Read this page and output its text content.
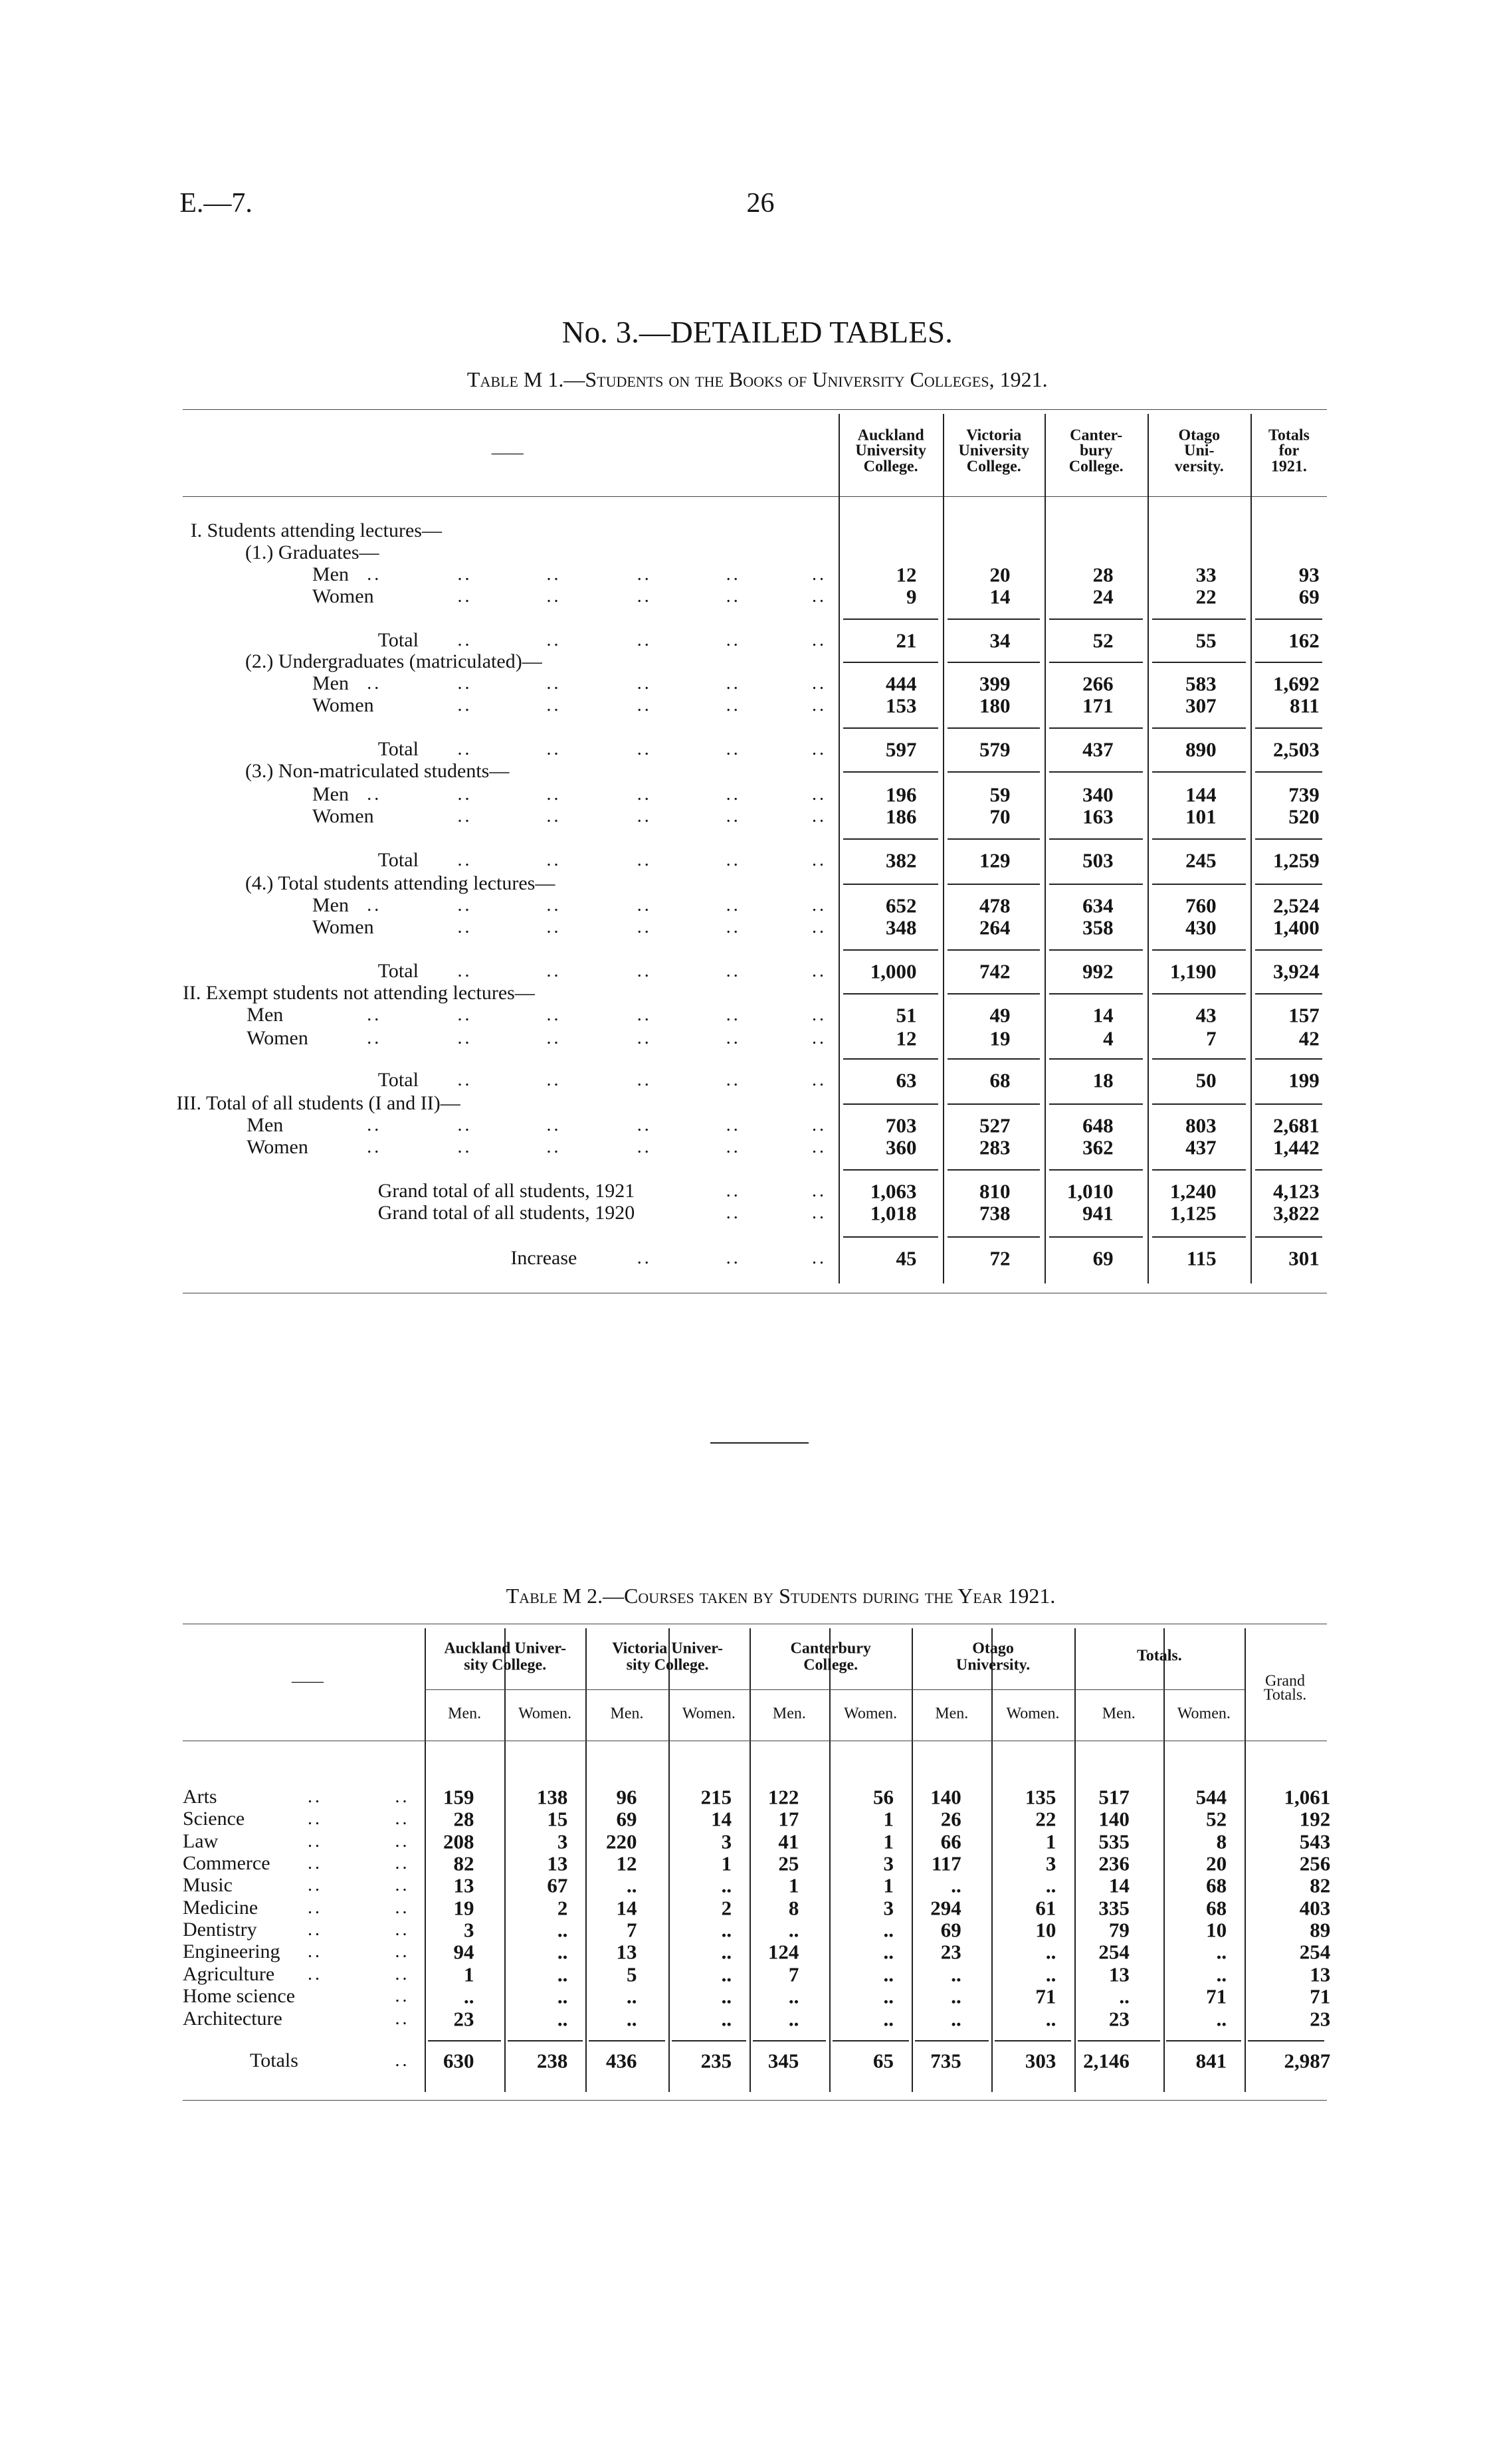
E.—7.	26
No. 3.—DETAILED TABLES.
Table M 1.—Students on the Books of University Colleges, 1921.
——
Auckland
University
College.
Victoria
University
College.
Canter-
bury
College.
Otago
Uni-
versity.
Totals
for
1921.
I. Students attending lectures—
(1.) Graduates—
Men ..	..	..	..	..	..	12	20	28	33	93
Women	..	..	..	..	..	9	14	24	22	69
Total ..	..	..	..	..	21	34	52	55	162
(2.) Undergraduates (matriculated)—
Men ..	..	..	..	..	..	444	399	266	583	1,692
Women	..	..	..	..	..	153	180	171	307	811
Total ..	..	..	..	..	597	579	437	890	2,503
(3.) Non-matriculated students—
Men ..	..	..	..	..	..	196	59	340	144	739
Women	..	..	..	..	..	186	70	163	101	520
Total ..	..	..	..	..	382	129	503	245	1,259
(4.) Total students attending lectures—
Men ..	..	..	..	..	..	652	478	634	760	2,524
Women	..	..	..	..	..	348	264	358	430	1,400
Total ..	..	..	..	.. 1,000	742	992	1,190	3,924
II. Exempt students not attending lectures—
Men	..	..	..	..	..	..	51	49	14	43	157
Women	..	..	..	..	..	..	12	19	4	7	42
Total ..	..	..	..	..	63	68	18	50	199
III. Total of all students (I and II)—
Men	..	..	..	..	..	..	703	527	648	803	2,681
Women	..	..	..	..	..	..	360	283	362	437	1,442
Grand total of all students, 1921	..	.. 1,063	810	1,010	1,240	4,123
Grand total of all students, 1920	..	.. 1,018	738	941	1,125	3,822
Increase	..	..	..	45	72	69	115	301
Table M 2.—Courses taken by Students during the Year 1921.
——
Auckland Univer-
sity College.
Men. Women.
Victoria Univer-
sity College.
Men. Women.
Canterbury
College.
Men. Women.
Otago
University.
Men. Women.
Totals.
Men.	Women.
Grand
Totals.
Arts	..	.. 159	138 96	215 122	56 140	135 517	544	1,061
Science	..	.. 28	15 69	14 17	1 26	22 140	52	192
Law	..	.. 208	3 220	3 41	1 66	1 535	8	543
Commerce ..	.. 82	13 12	1 25	3 117	3 236	20	256
Music	..	.. 13	67	..	..	1	1	..	..	14	68	82
Medicine	..	.. 19	2 14	2	8	3 294	61 335	68	403
Dentistry	..	..	3	..	7	..	..	.. 69	10	79	10	89
Engineering ..	.. 94	.. 13	.. 124	.. 23	.. 254	..	254
Agriculture ..	..	1	..	5	..	7	..	..	..	13	..	13
Home science	..	..	..	..	..	..	..	..	71	..	71	71
Architecture	.. 23	..	..	..	..	..	..	..	23	..	23
Totals	.. 630	238 436	235 345	65 735	303 2,146	841	2,987
